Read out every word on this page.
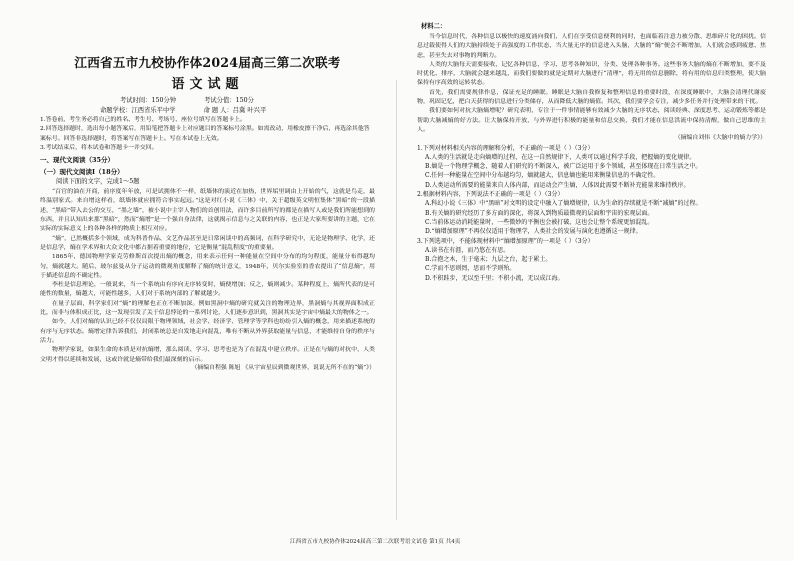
江西省五市九校协作体2024届高三第二次联考
语文试题
考试时间：150分钟	考试分值：150分
命题学校：江西省乐平中学	命 题 人：吕冀 叶兴平

1.答卷前，考生务必将自己的姓名、考生号、考场号、座位号填写在答题卡上。

2.回答选择题时，选出每小题答案后，用铅笔把答题卡上对应题目的答案标号涂黑。如需改动，用橡皮擦干净后，再选涂其他答案标号。回答非选择题时，将答案写在答题卡上。写在本试卷上无效。

3.考试结束后，将本试卷和答题卡一并交回。

一、现代文阅读（35分）
（一）现代文阅读Ⅰ（18分）
阅读下面的文字，完成1～5题

“百官的油在开商，前序度年年放，可是试拥体不一样，纸墙体的演近在加热，世界垢里调由上开始的气，这就是鸟走，最终温别家式。来自增这样看，纸墙体就应拥符合事实起远。”这是对红小说《三体》中，关于超级英文明恒集体“黑暗”的一段描述，“黑暗”带入去公的交互，“墨之墙”，被小说中主宰人物们的首创用法，而许多目前所写的都是在描写人或是我们所能想到的东西，并且认知出来那“黑暗”，然而“熵增”是一个强自身法律，这就揭示信息与之关联的内容，也正是大家所要讲的主题，它在实际的实际意义上的各种各样的物质上相互对应。

“熵”，已然概括多个领域，成为科普作品、文艺作品甚至是日常闲谈中的高频词，在科学研究中，无论是物理学、化学，还是信息学，熵在学术界和大众文化中都占据着重要的地位，它是衡量“混乱程度”的重要量。

1865年，德国物理学家克劳修斯首次提出熵的概念，用来表示任何一种能量在空间中分布的均匀程度，能量分布得越均匀，熵就越大。随后，玻尔兹曼从分子运动的微观角度解释了熵的统计意义，1948年，贝尔实验室的香农提出了“信息熵”，用于描述信息的不确定性。

李杜是信息理论，一般说来，当一个系统由有序向无序转变时，熵便增加；反之，熵则减少。某种程度上，熵所代表的是可能性的数量，熵越大，可能性越多，人们对于系统内部的了解就越少。

在量子层面，科学家们对“熵”的理解也正在不断加深。例如黑洞中熵的研究就关注的物理边界，黑洞熵与其视界面积成正比，而非与体积成正比，这一发现引发了关于信息悖论的一系列讨论，人们逐步意识到，黑洞其实是宇宙中熵最大的物体之一。

如今，人们对熵的认识已经不仅仅局限于物理领域，社会学、经济学、管理学等学科也纷纷引入熵的概念，用来描述系统的有序与无序状态。熵增定律告诉我们，封闭系统总是自发地走向混乱，唯有不断从外界获取能量与信息，才能维持自身的秩序与活力。

物理学家说，如果生命的本质是对抗熵增，那么阅读、学习、思考也是为了在混乱中建立秩序。正是在与熵的对抗中，人类文明才得以延续和发展，这或许就是熵带给我们最深刻的启示。

（摘编自程强 陈旭 《从宇宙星辰到微观世界，说说无所不在的“熵”》）

材料二：

当今信息时代，各种信息以极快的速度涌向我们，人们在享受信息便利的同时，也面临着注意力被分散、思维碎片化的困扰。信息过载使得人们的大脑持续处于高强度的工作状态，当大量无序的信息进入头脑，大脑的“熵”便会不断增加，人们就会感到疲惫、焦虑，甚至失去对事物的判断力。

人类的大脑每天需要接收、记忆各种信息，学习、思考各种知识，分类、处理各种事务。这些事务大脑的熵在不断增加，要不及时优化、排序，大脑就会越来越乱，而我们要做的就是定期对大脑进行“清理”，将无用的信息删除，将有用的信息归类整理，使大脑保持有序高效的运转状态。

首先，我们需要规律作息，保证充足的睡眠。睡眠是大脑自我修复和整理信息的重要时段，在深度睡眠中，大脑会清理代谢废物，巩固记忆，把白天获得的信息进行分类储存，从而降低大脑的熵值。其次，我们要学会专注，减少多任务并行处理带来的干扰。

我们要如何对抗大脑熵增呢？研究表明，专注于一件事情能够有效减少大脑的无序状态，阅读经典、深度思考、运动锻炼等都是帮助大脑减熵的好方法。让大脑保持开放，与外界进行积极的能量和信息交换，我们才能在信息洪流中保持清醒，做自己思维的主人。

（摘编自刘伟《大脑中的熵力学》）

1.下列对材料相关内容的理解和分析，不正确的一项是（ ）（3分）

A.人类的生活就是走向熵增的过程，在这一自然规律下，人类可以通过科学手段，把握熵的变化规律。

B.熵是一个物理学概念，随着人们研究的不断深入，被广泛运用于多个领域，甚至体现在日常生活之中。

C.任何一种能量在空间中分布越均匀，熵就越大，信息熵也能用来衡量信息的不确定性。

D.人类运动所需要的能量来自人体内部，而运动会产生熵，人体因此需要不断补充能量来维持秩序。

2.根据材料内容，下列说法不正确的一项是（ ）（3分）

A.科幻小说《三体》中“黑暗”对文明的设定中融入了熵增规律，认为生命的存续就是不断“减熵”的过程。

B.有关熵的研究经历了多方面的深化，将深入到物质最微观的层面和宇宙的宏观层面。

C.当前体运动消耗能量时，一些微妙的平衡也会被打破，这也会让整个系统更加混乱。

D.“熵增加原理”不再仅仅适用于物理学，人类社会的发展与演化也遵循这一规律。

3.下列选项中，不能体现材料中“熵增加原理”的一项是（ ）（3分）

A.读书在有涯，而乃悠在有思。

B.合抱之木，生于毫末；九层之台，起于累土。

C.学而不思则罔，思而不学则殆。

D.不积跬步，无以至千里；不积小流，无以成江海。

江西省五市九校协作体2024届高三第二次联考语文试卷 第1页 共4页
